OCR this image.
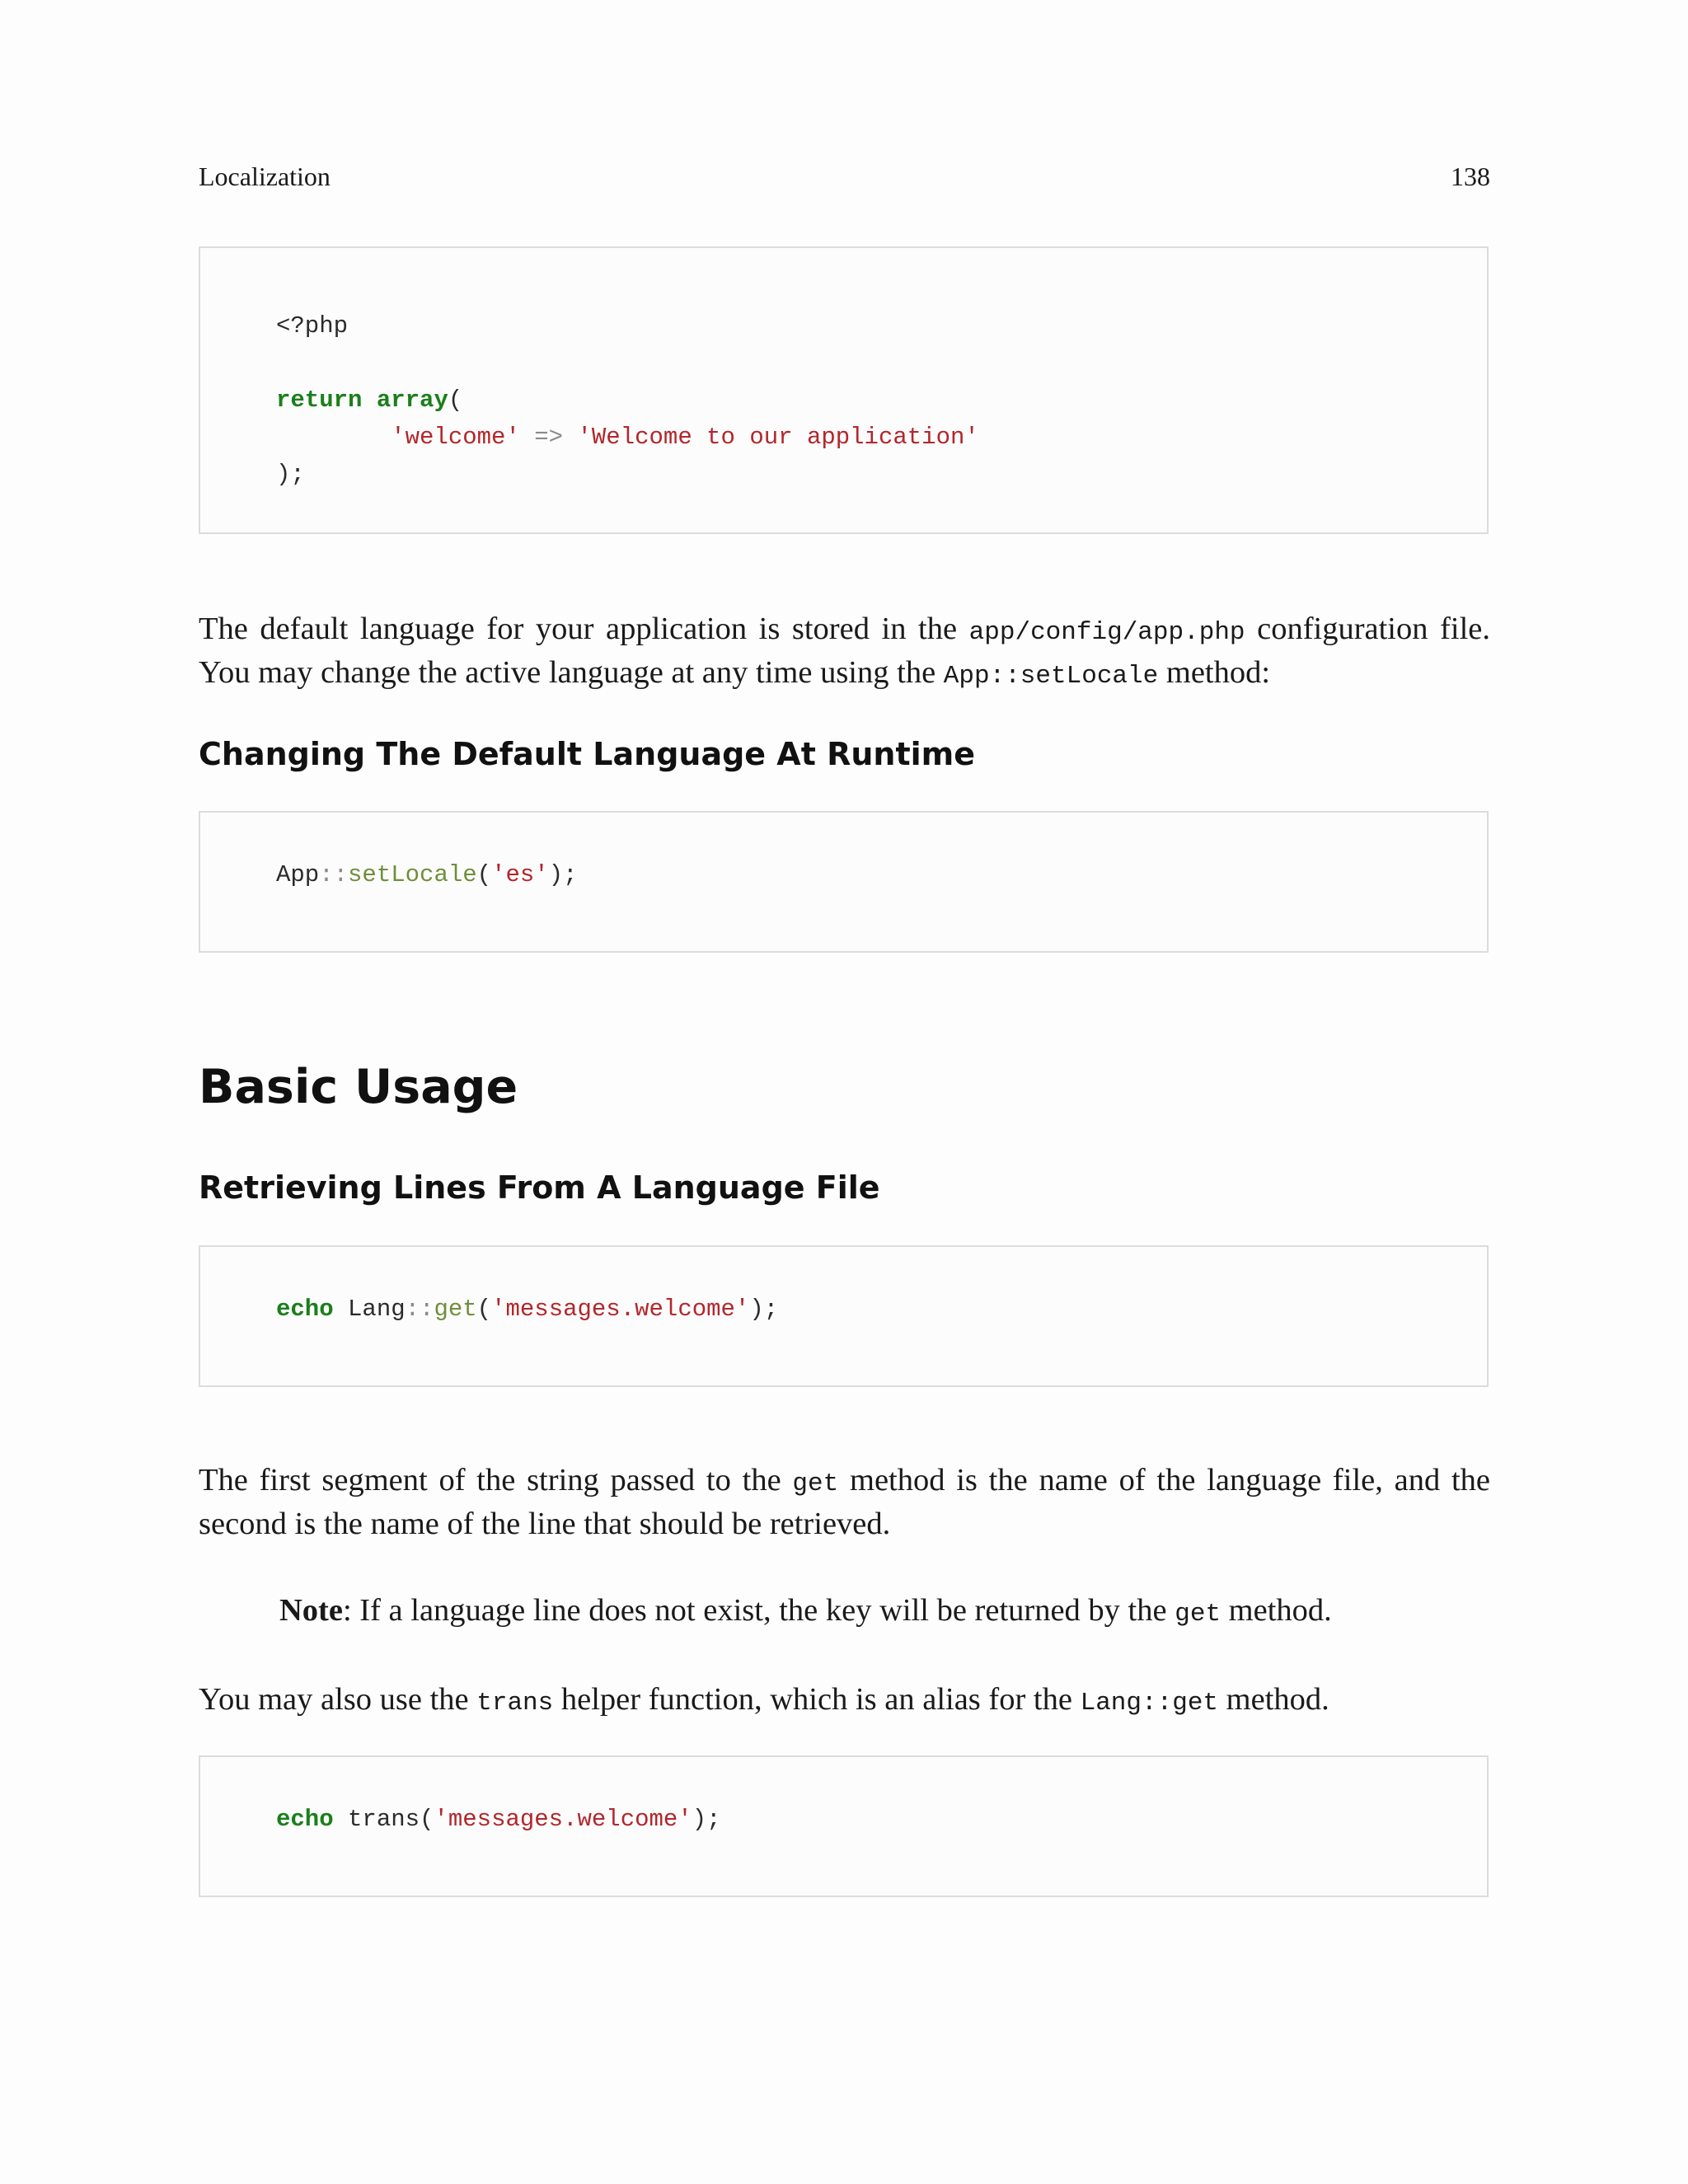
Localization	138
<?php

return array(
'welcome' => 'Welcome to our application'
);

The default language for your application is stored in the app/config/app.php configuration file. You may change the active language at any time using the App::setLocale method:

Changing The Default Language At Runtime
App::setLocale('es');
Basic Usage
Retrieving Lines From A Language File
echo Lang::get('messages.welcome');

The first segment of the string passed to the get method is the name of the language file, and the second is the name of the line that should be retrieved.

Note: If a language line does not exist, the key will be returned by the get method.

You may also use the trans helper function, which is an alias for the Lang::get method.

echo trans('messages.welcome');
